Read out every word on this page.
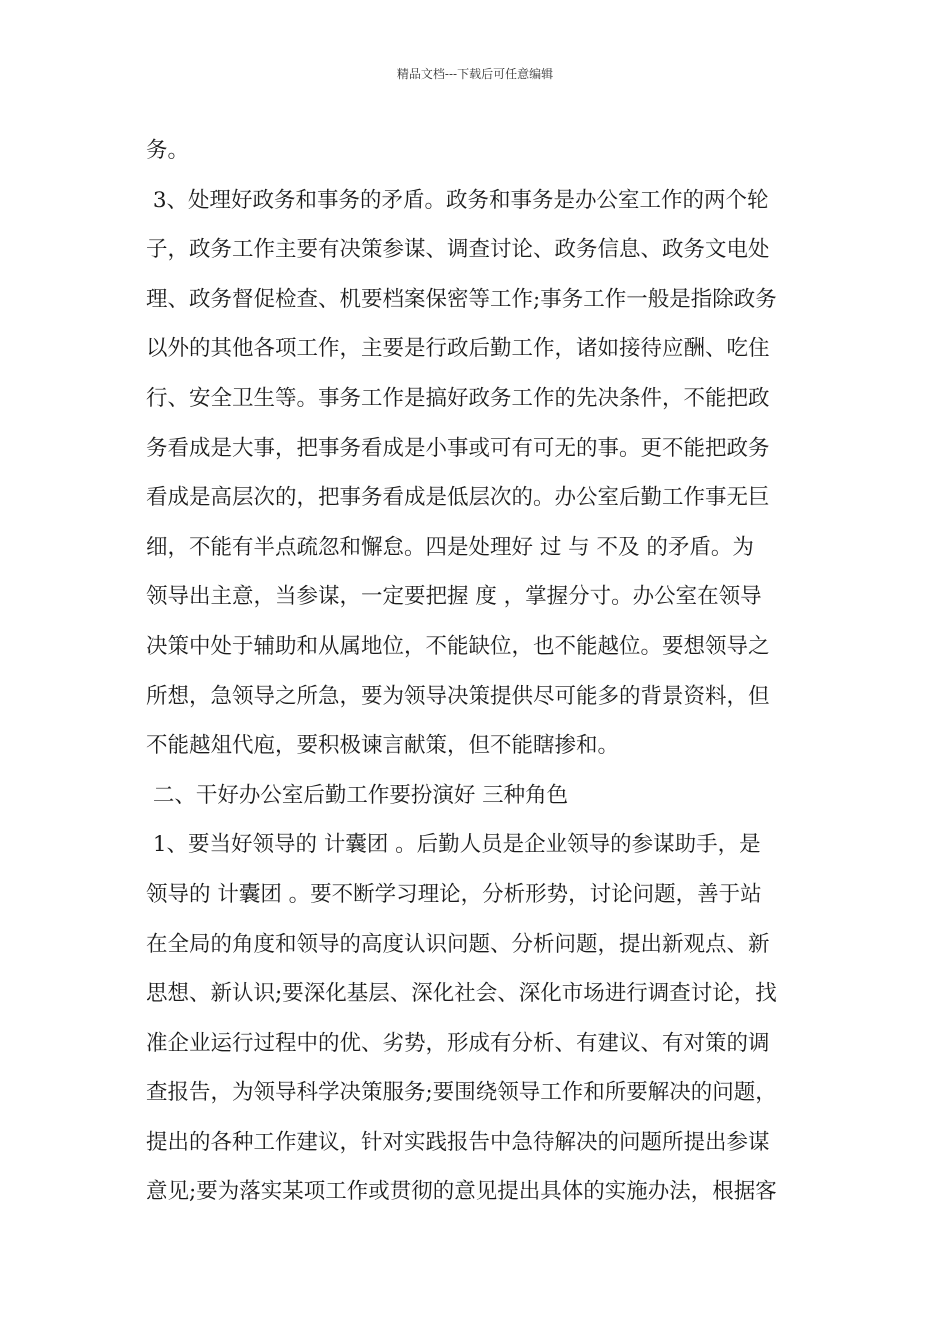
精品文档---下载后可任意编辑
务。
3、处理好政务和事务的矛盾。政务和事务是办公室工作的两个轮
子，政务工作主要有决策参谋、调查讨论、政务信息、政务文电处
理、政务督促检查、机要档案保密等工作;事务工作一般是指除政务
以外的其他各项工作，主要是行政后勤工作，诸如接待应酬、吃住
行、安全卫生等。事务工作是搞好政务工作的先决条件，不能把政
务看成是大事，把事务看成是小事或可有可无的事。更不能把政务
看成是高层次的，把事务看成是低层次的。办公室后勤工作事无巨
细，不能有半点疏忽和懈怠。四是处理好 过 与 不及 的矛盾。为
领导出主意，当参谋，一定要把握 度 ，掌握分寸。办公室在领导
决策中处于辅助和从属地位，不能缺位，也不能越位。要想领导之
所想，急领导之所急，要为领导决策提供尽可能多的背景资料，但
不能越俎代庖，要积极谏言献策，但不能瞎掺和。
二、干好办公室后勤工作要扮演好 三种角色
1、要当好领导的 计囊团 。后勤人员是企业领导的参谋助手，是
领导的 计囊团 。要不断学习理论，分析形势，讨论问题，善于站
在全局的角度和领导的高度认识问题、分析问题，提出新观点、新
思想、新认识;要深化基层、深化社会、深化市场进行调查讨论，找
准企业运行过程中的优、劣势，形成有分析、有建议、有对策的调
查报告，为领导科学决策服务;要围绕领导工作和所要解决的问题，
提出的各种工作建议，针对实践报告中急待解决的问题所提出参谋
意见;要为落实某项工作或贯彻的意见提出具体的实施办法，根据客
